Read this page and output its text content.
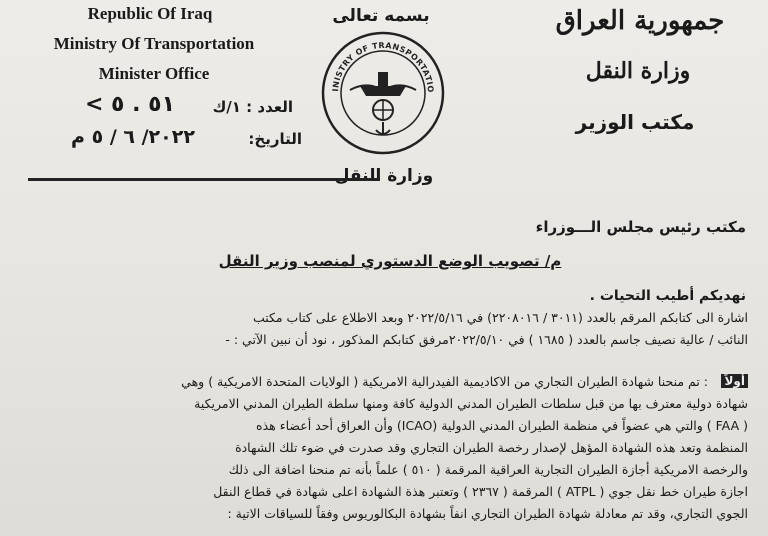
Republic Of Iraq
Ministry Of Transportation
Minister Office
بسمه تعالى	جمهورية العراق
وزارة النقل
مكتب الوزير
INISTRY OF TRANSPORTATIO
وزارة النقل
العدد : ١/ك
٥١ . ٥ >
التاريخ:
٢٠٢٢/ ٦ / ٥ م
مكتب رئيس مجلس الـــوزراء
م/ تصويب الوضع الدستوري لمنصب وزير النقل
نهديكم أطيب التحيات .
اشارة الى كتابكم المرقم بالعدد (٣٠١١ / ٢٢٠٨٠١٦) في ٢٠٢٢/٥/١٦ وبعد الاطلاع على كتاب مكتب
النائب / عالية نصيف جاسم بالعدد ( ١٦٨٥ ) في ٢٠٢٢/٥/١٠مرفق كتابكم المذكور ، نود أن نبين الآتي : -
أولاً
: تم منحنا شهادة الطيران التجاري من الاكاديمية الفيدرالية الامريكية ( الولايات المتحدة الامريكية ) وهي
شهادة دولية معترف بها من قبل سلطات الطيران المدني الدولية كافة ومنها سلطة الطيران المدني الامريكية
( FAA ) والتي هي عضواً في منظمة الطيران المدني الدولية (ICAO) وأن العراق أحد أعضاء هذه
المنظمة وتعد هذه الشهادة المؤهل لإصدار رخصة الطيران التجاري وقد صدرت في ضوء تلك الشهادة
والرخصة الامريكية أجازة الطيران التجارية العراقية المرقمة ( ٥١٠ ) علماً بأنه تم منحنا اضافة الى ذلك
اجازة طيران خط نقل جوي ( ATPL ) المرقمة ( ٢٣٦٧ ) وتعتبر هذة الشهادة اعلى شهادة في قطاع النقل
الجوي التجاري، وقد تم معادلة شهادة الطيران التجاري انفاً بشهادة البكالوريوس وفقاً للسياقات الاتية :
